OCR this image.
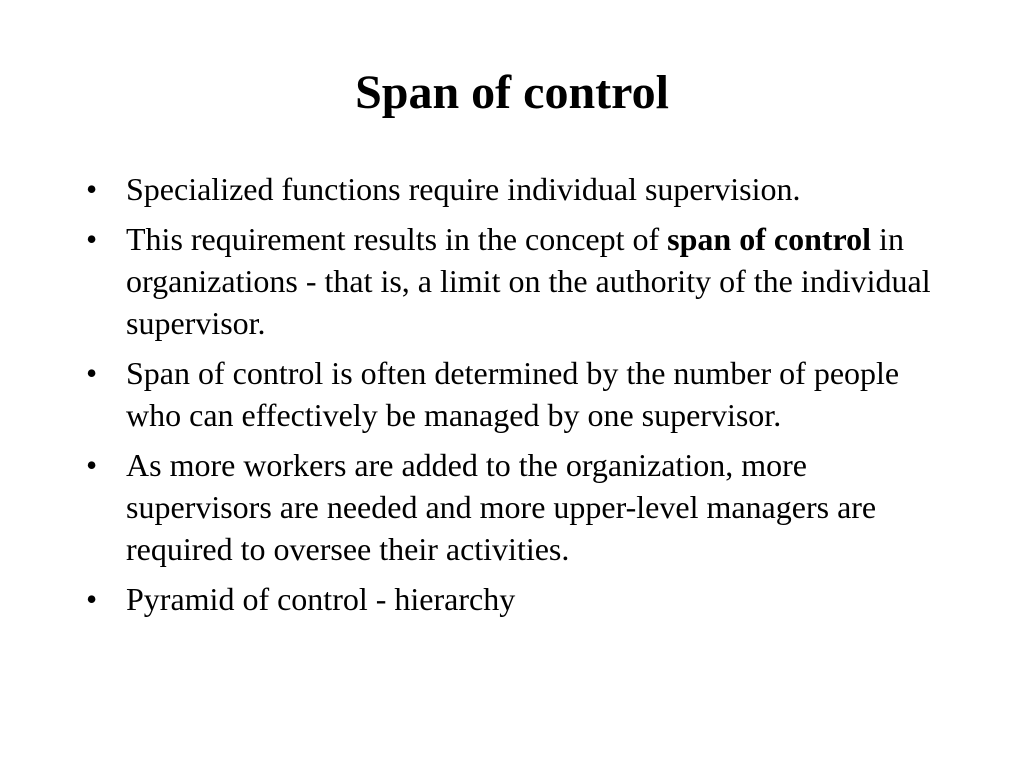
Span of control
• Specialized functions require individual supervision.
• This requirement results in the concept of span of control in organizations - that is, a limit on the authority of the individual supervisor.
• Span of control is often determined by the number of people who can effectively be managed by one supervisor.
• As more workers are added to the organization, more supervisors are needed and more upper-level managers are required to oversee their activities.
• Pyramid of control - hierarchy
